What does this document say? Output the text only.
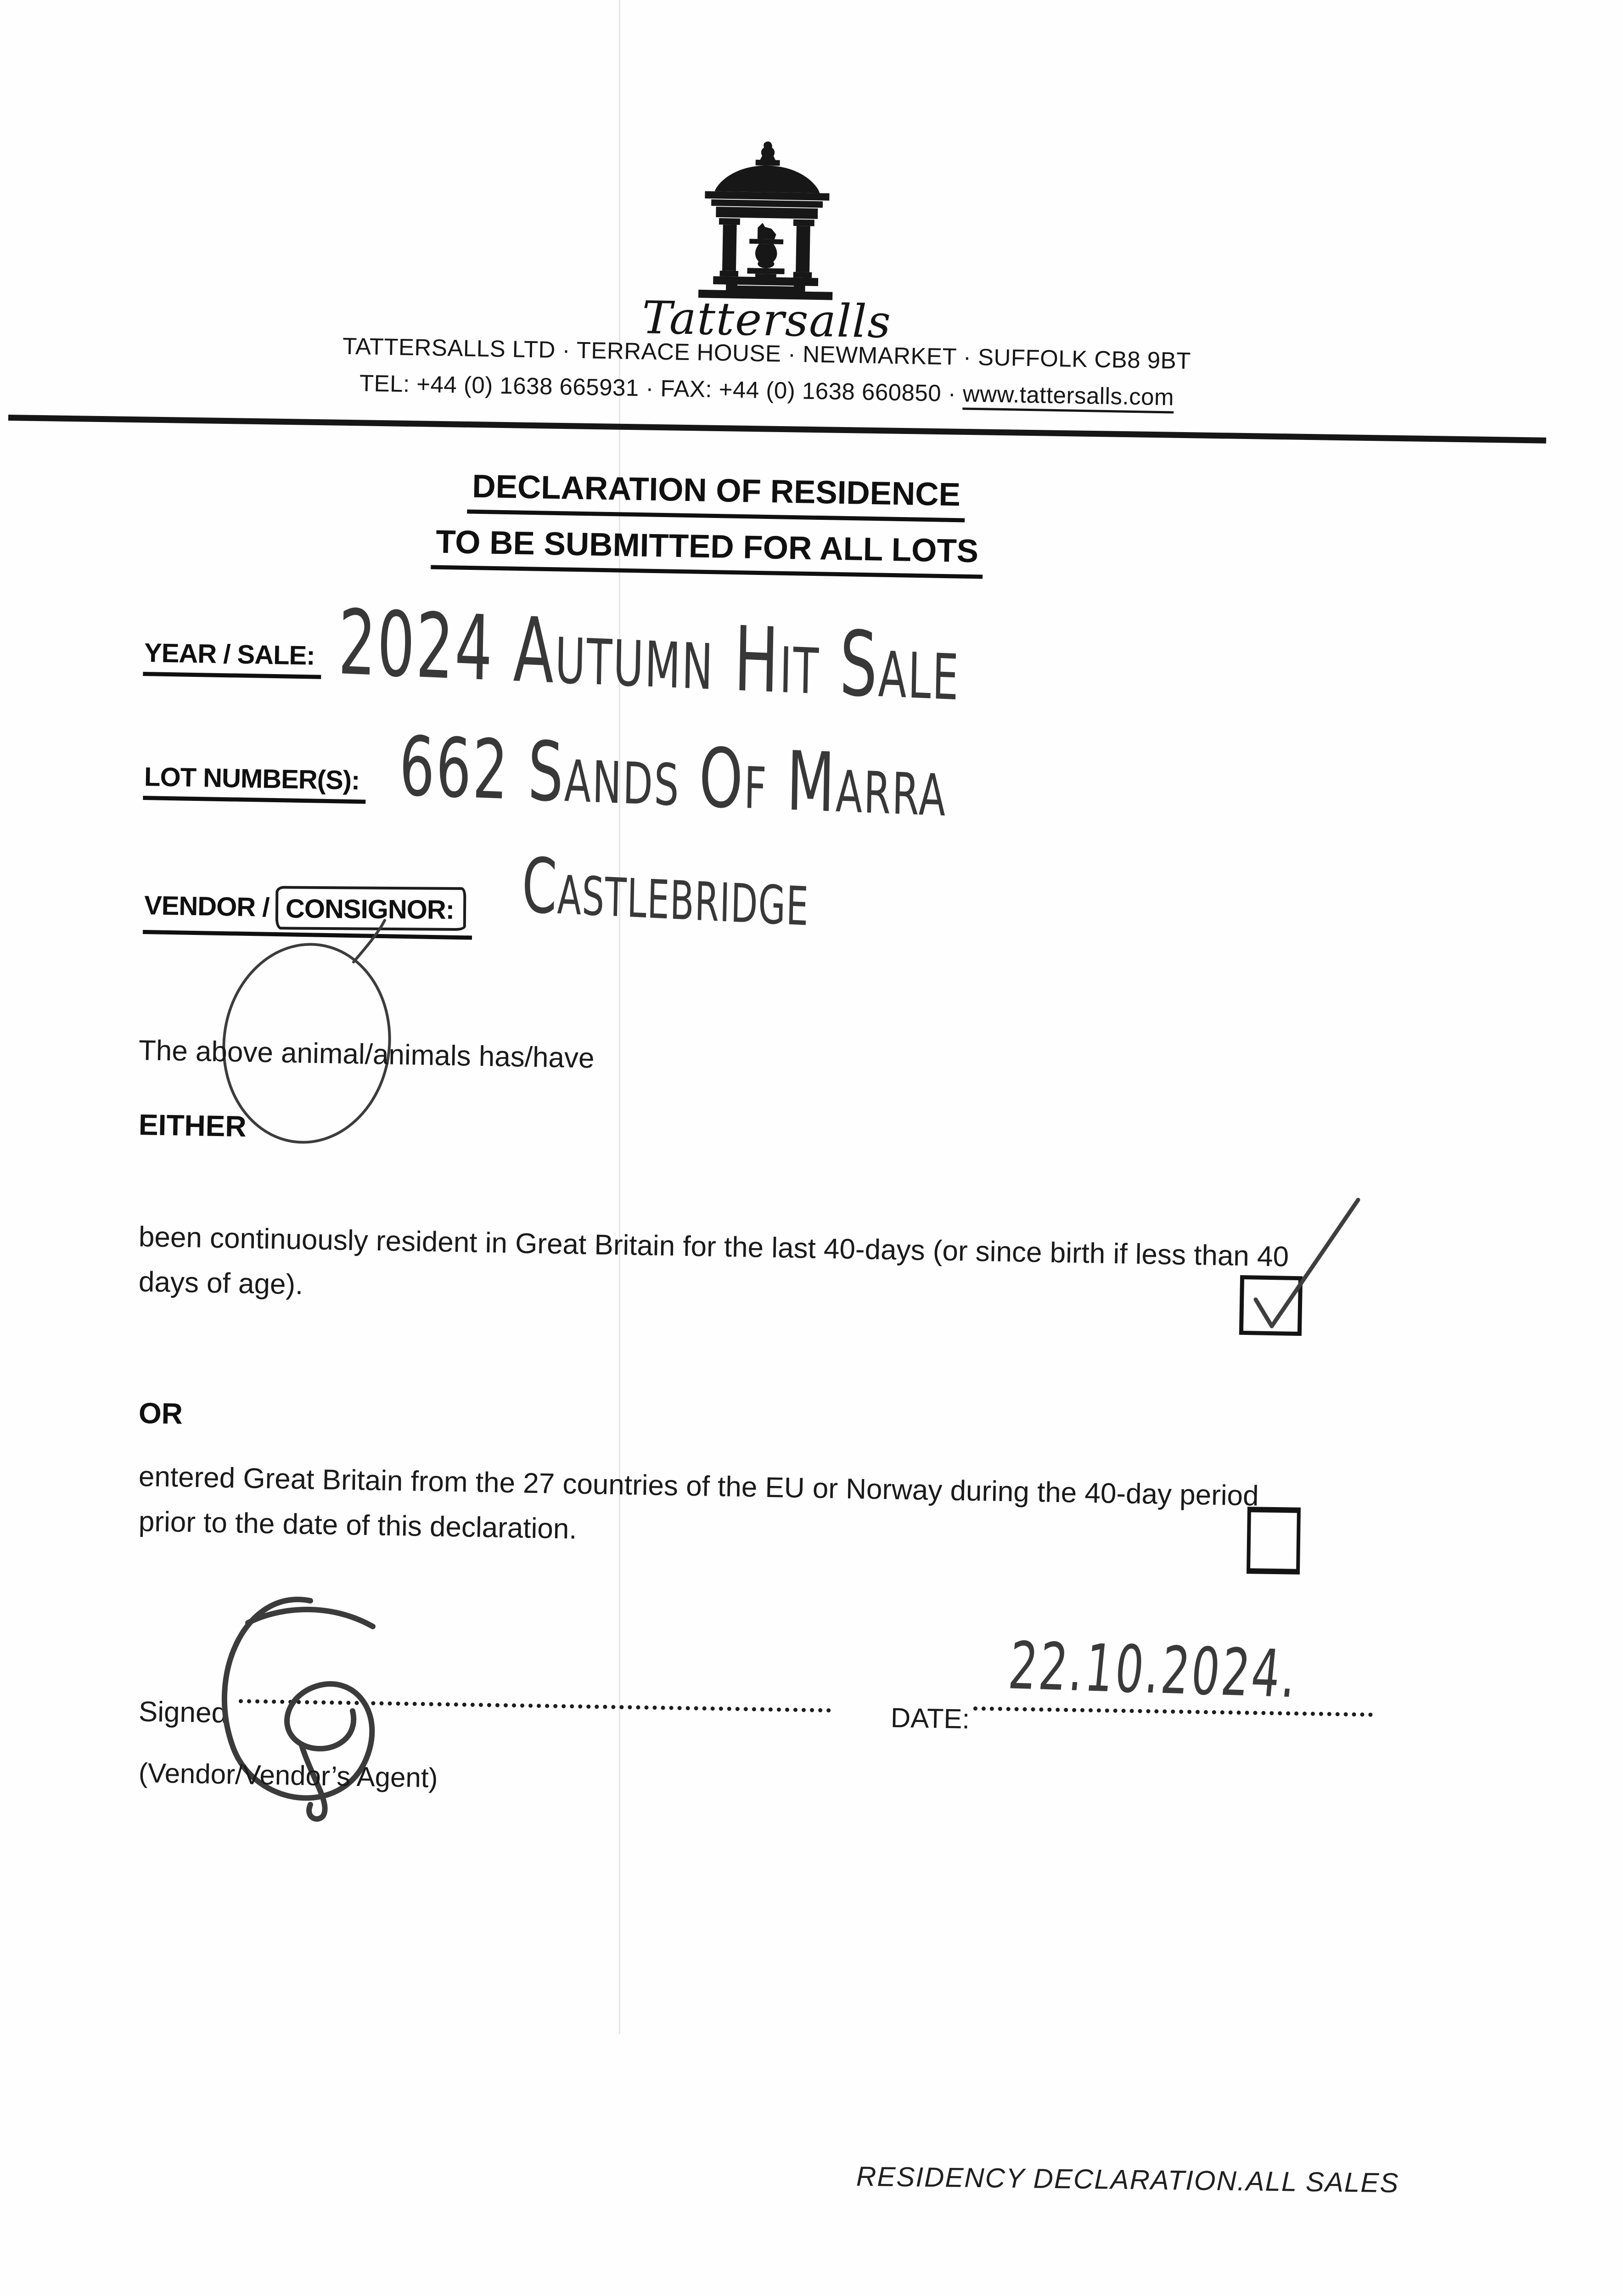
Tattersalls
TATTERSALLS LTD · TERRACE HOUSE · NEWMARKET · SUFFOLK CB8 9BT
TEL: +44 (0) 1638 665931 · FAX: +44 (0) 1638 660850 · www.tattersalls.com
DECLARATION OF RESIDENCE
TO BE SUBMITTED FOR ALL LOTS
YEAR / SALE: 2024 Autumn Hit Sale
LOT NUMBER(S): 662 Sands Of Marra
VENDOR / CONSIGNOR: Castlebridge
The above animal/animals has/have
EITHER
been continuously resident in Great Britain for the last 40-days (or since birth if less than 40
days of age).
OR
entered Great Britain from the 27 countries of the EU or Norway during the 40-day period
prior to the date of this declaration.
Signed	DATE:
22.10.2024.
(Vendor/Vendor’s Agent)
RESIDENCY DECLARATION.ALL SALES
